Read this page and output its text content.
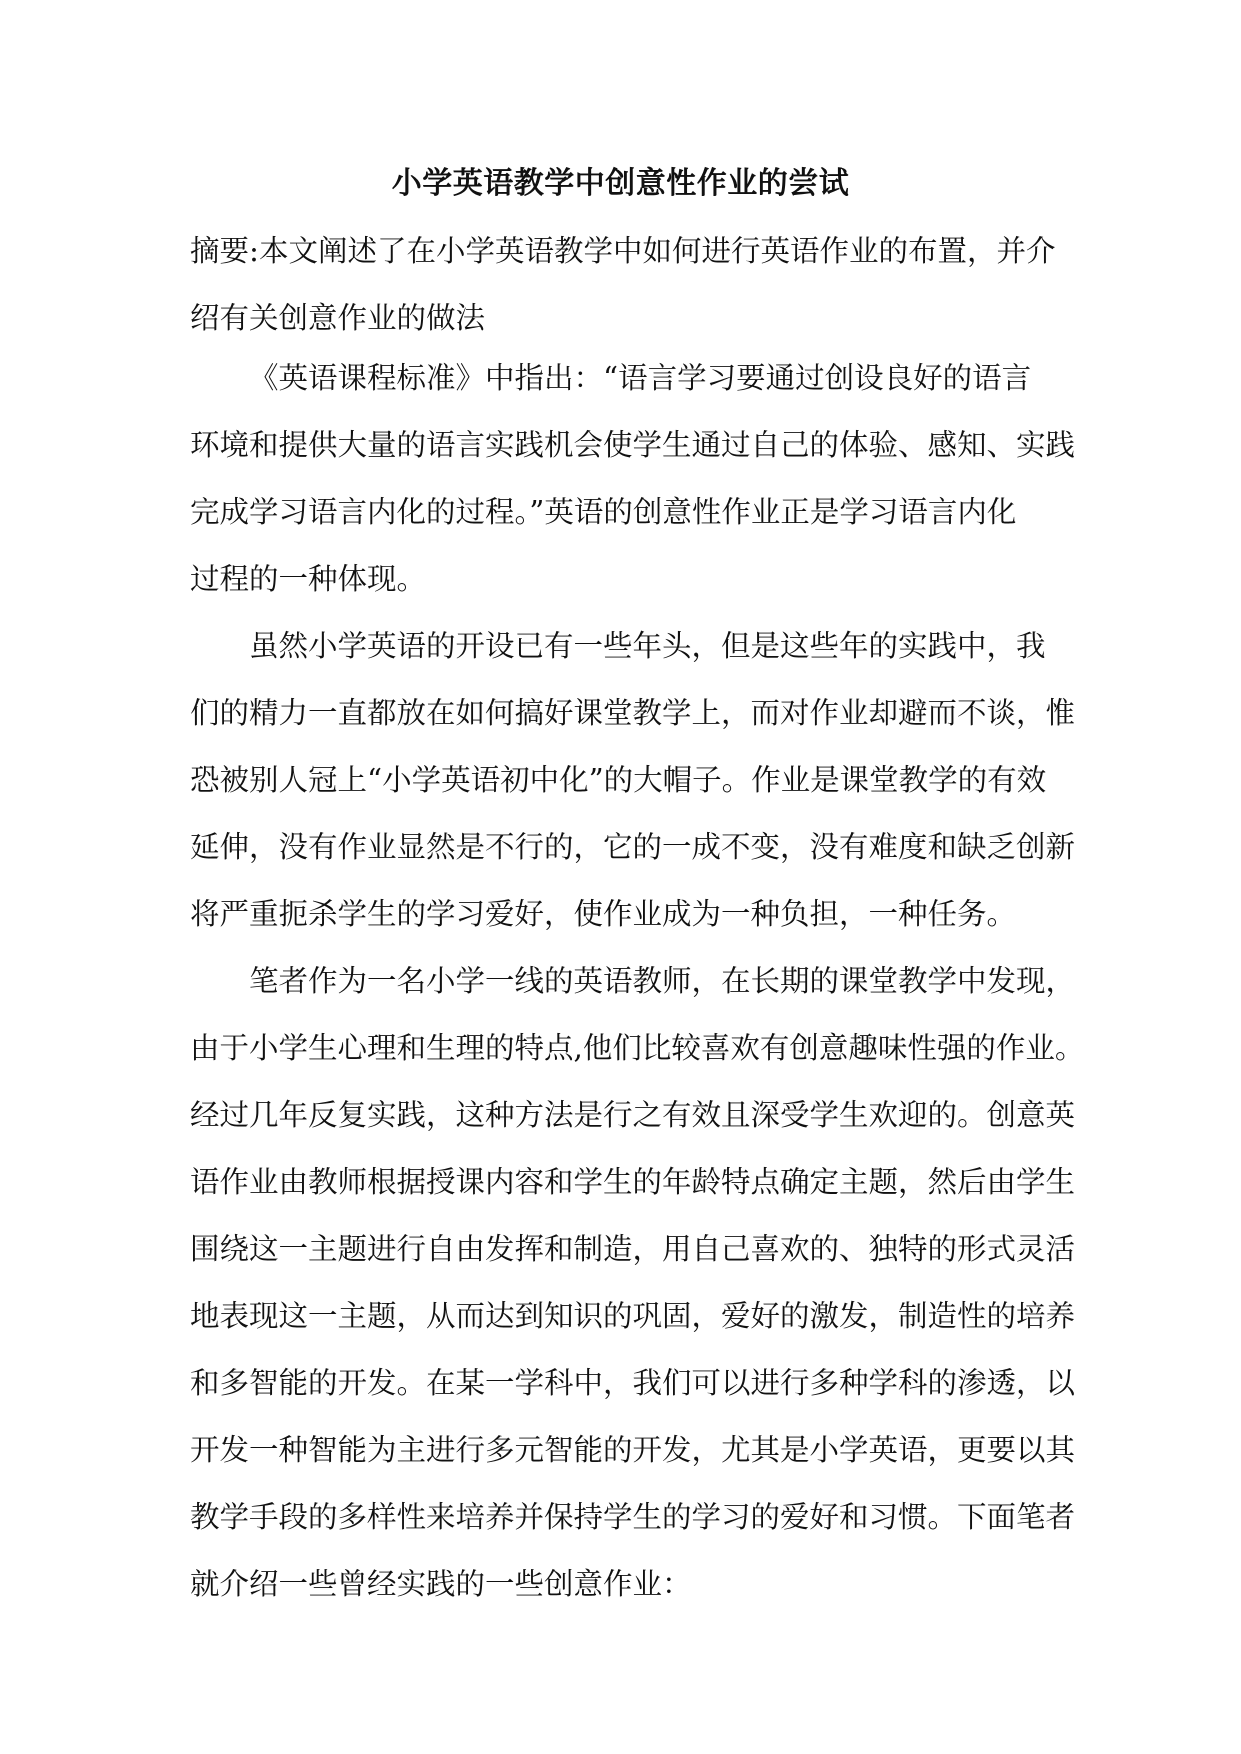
小学英语教学中创意性作业的尝试
摘要:本文阐述了在小学英语教学中如何进行英语作业的布置，并介
绍有关创意作业的做法

《英语课程标准》中指出：“语言学习要通过创设良好的语言
环境和提供大量的语言实践机会使学生通过自己的体验、感知、实践
完成学习语言内化的过程。”英语的创意性作业正是学习语言内化
过程的一种体现。

虽然小学英语的开设已有一些年头，但是这些年的实践中，我
们的精力一直都放在如何搞好课堂教学上，而对作业却避而不谈，惟
恐被别人冠上“小学英语初中化”的大帽子。作业是课堂教学的有效
延伸，没有作业显然是不行的，它的一成不变，没有难度和缺乏创新
将严重扼杀学生的学习爱好，使作业成为一种负担，一种任务。

笔者作为一名小学一线的英语教师，在长期的课堂教学中发现，
由于小学生心理和生理的特点,他们比较喜欢有创意趣味性强的作业。
经过几年反复实践，这种方法是行之有效且深受学生欢迎的。创意英
语作业由教师根据授课内容和学生的年龄特点确定主题，然后由学生
围绕这一主题进行自由发挥和制造，用自己喜欢的、独特的形式灵活
地表现这一主题，从而达到知识的巩固，爱好的激发，制造性的培养
和多智能的开发。在某一学科中，我们可以进行多种学科的渗透，以
开发一种智能为主进行多元智能的开发，尤其是小学英语，更要以其
教学手段的多样性来培养并保持学生的学习的爱好和习惯。下面笔者
就介绍一些曾经实践的一些创意作业：
